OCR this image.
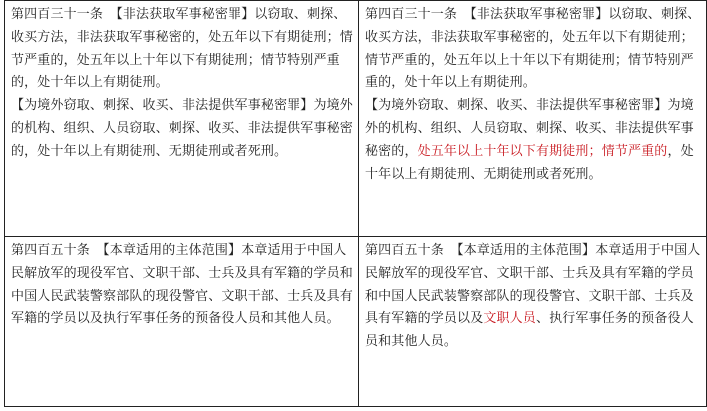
第四百三十一条　【非法获取军事秘密罪】以窃取、刺探、收买方法，非法获取军事秘密的，处五年以下有期徒刑；情节严重的，处五年以上十年以下有期徒刑；情节特别严重的，处十年以上有期徒刑。
【为境外窃取、刺探、收买、非法提供军事秘密罪】为境外的机构、组织、人员窃取、刺探、收买、非法提供军事秘密的，处十年以上有期徒刑、无期徒刑或者死刑。	第四百三十一条　【非法获取军事秘密罪】以窃取、刺探、收买方法，非法获取军事秘密的，处五年以下有期徒刑；情节严重的，处五年以上十年以下有期徒刑；情节特别严重的，处十年以上有期徒刑。
【为境外窃取、刺探、收买、非法提供军事秘密罪】为境外的机构、组织、人员窃取、刺探、收买、非法提供军事秘密的，处五年以上十年以下有期徒刑；情节严重的，处十年以上有期徒刑、无期徒刑或者死刑。

第四百五十条　【本章适用的主体范围】本章适用于中国人民解放军的现役军官、文职干部、士兵及具有军籍的学员和中国人民武装警察部队的现役警官、文职干部、士兵及具有军籍的学员以及执行军事任务的预备役人员和其他人员。	第四百五十条　【本章适用的主体范围】本章适用于中国人民解放军的现役军官、文职干部、士兵及具有军籍的学员和中国人民武装警察部队的现役警官、文职干部、士兵及具有军籍的学员以及文职人员、执行军事任务的预备役人员和其他人员。
